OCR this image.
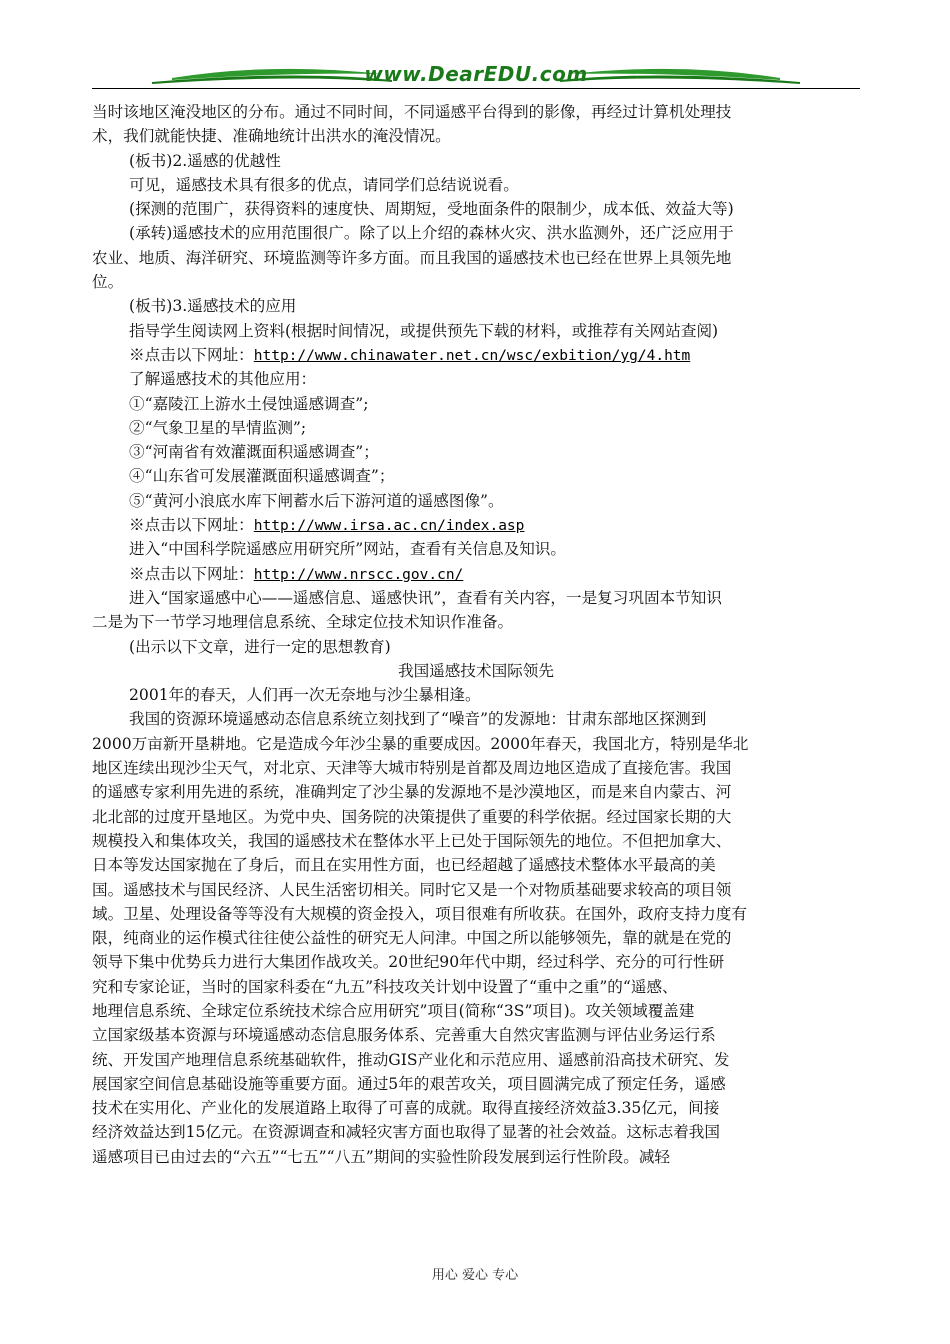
www.DearEDU.com
当时该地区淹没地区的分布。通过不同时间，不同遥感平台得到的影像，再经过计算机处理技
术，我们就能快捷、准确地统计出洪水的淹没情况。
(板书)2.遥感的优越性
可见，遥感技术具有很多的优点，请同学们总结说说看。
(探测的范围广，获得资料的速度快、周期短，受地面条件的限制少，成本低、效益大等)
(承转)遥感技术的应用范围很广。除了以上介绍的森林火灾、洪水监测外，还广泛应用于
农业、地质、海洋研究、环境监测等许多方面。而且我国的遥感技术也已经在世界上具领先地
位。
(板书)3.遥感技术的应用
指导学生阅读网上资料(根据时间情况，或提供预先下载的材料，或推荐有关网站查阅)
※点击以下网址：http://www.chinawater.net.cn/wsc/exbition/yg/4.htm
了解遥感技术的其他应用：
①“嘉陵江上游水土侵蚀遥感调查”;
②“气象卫星的旱情监测”;
③“河南省有效灌溉面积遥感调查”；
④“山东省可发展灌溉面积遥感调查”；
⑤“黄河小浪底水库下闸蓄水后下游河道的遥感图像”。
※点击以下网址：http://www.irsa.ac.cn/index.asp
进入“中国科学院遥感应用研究所”网站，查看有关信息及知识。
※点击以下网址：http://www.nrscc.gov.cn/
进入“国家遥感中心——遥感信息、遥感快讯”，查看有关内容，一是复习巩固本节知识
二是为下一节学习地理信息系统、全球定位技术知识作准备。
(出示以下文章，进行一定的思想教育)
我国遥感技术国际领先
2001年的春天，人们再一次无奈地与沙尘暴相逢。
我国的资源环境遥感动态信息系统立刻找到了“噪音”的发源地：甘肃东部地区探测到
2000万亩新开垦耕地。它是造成今年沙尘暴的重要成因。2000年春天，我国北方，特别是华北
地区连续出现沙尘天气，对北京、天津等大城市特别是首都及周边地区造成了直接危害。我国
的遥感专家利用先进的系统，准确判定了沙尘暴的发源地不是沙漠地区，而是来自内蒙古、河
北北部的过度开垦地区。为党中央、国务院的决策提供了重要的科学依据。经过国家长期的大
规模投入和集体攻关，我国的遥感技术在整体水平上已处于国际领先的地位。不但把加拿大、
日本等发达国家抛在了身后，而且在实用性方面，也已经超越了遥感技术整体水平最高的美
国。遥感技术与国民经济、人民生活密切相关。同时它又是一个对物质基础要求较高的项目领
域。卫星、处理设备等等没有大规模的资金投入，项目很难有所收获。在国外，政府支持力度有
限，纯商业的运作模式往往使公益性的研究无人问津。中国之所以能够领先，靠的就是在党的
领导下集中优势兵力进行大集团作战攻关。20世纪90年代中期，经过科学、充分的可行性研
究和专家论证，当时的国家科委在“九五”科技攻关计划中设置了“重中之重”的“遥感、
地理信息系统、全球定位系统技术综合应用研究”项目(简称“3S”项目)。攻关领域覆盖建
立国家级基本资源与环境遥感动态信息服务体系、完善重大自然灾害监测与评估业务运行系
统、开发国产地理信息系统基础软件，推动GIS产业化和示范应用、遥感前沿高技术研究、发
展国家空间信息基础设施等重要方面。通过5年的艰苦攻关，项目圆满完成了预定任务，遥感
技术在实用化、产业化的发展道路上取得了可喜的成就。取得直接经济效益3.35亿元，间接
经济效益达到15亿元。在资源调查和减轻灾害方面也取得了显著的社会效益。这标志着我国
遥感项目已由过去的“六五”“七五”“八五”期间的实验性阶段发展到运行性阶段。减轻
用心 爱心 专心
